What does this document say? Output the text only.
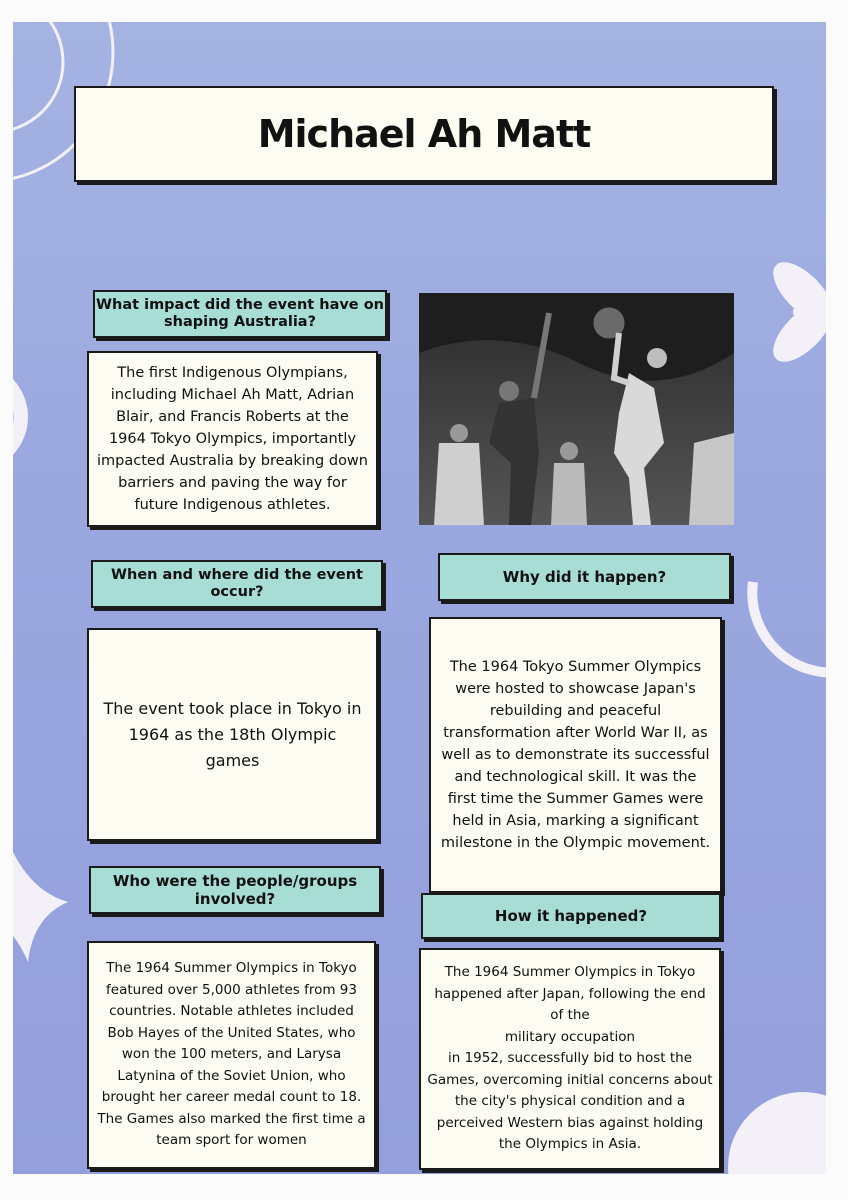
Michael Ah Matt
What impact did the event have on shaping Australia?
The first Indigenous Olympians, including Michael Ah Matt, Adrian Blair, and Francis Roberts at the 1964 Tokyo Olympics, importantly impacted Australia by breaking down barriers and paving the way for future Indigenous athletes.
When and where did the event occur?
The event took place in Tokyo in 1964 as the 18th Olympic games
Why did it happen?
The 1964 Tokyo Summer Olympics were hosted to showcase Japan's rebuilding and peaceful transformation after World War II, as well as to demonstrate its successful and technological skill. It was the first time the Summer Games were held in Asia, marking a significant milestone in the Olympic movement.
Who were the people/groups involved?
The 1964 Summer Olympics in Tokyo featured over 5,000 athletes from 93 countries. Notable athletes included Bob Hayes of the United States, who won the 100 meters, and Larysa Latynina of the Soviet Union, who brought her career medal count to 18. The Games also marked the first time a team sport for women
How it happened?
The 1964 Summer Olympics in Tokyo happened after Japan, following the end of the
military occupation
in 1952, successfully bid to host the Games, overcoming initial concerns about the city's physical condition and a perceived Western bias against holding the Olympics in Asia.
